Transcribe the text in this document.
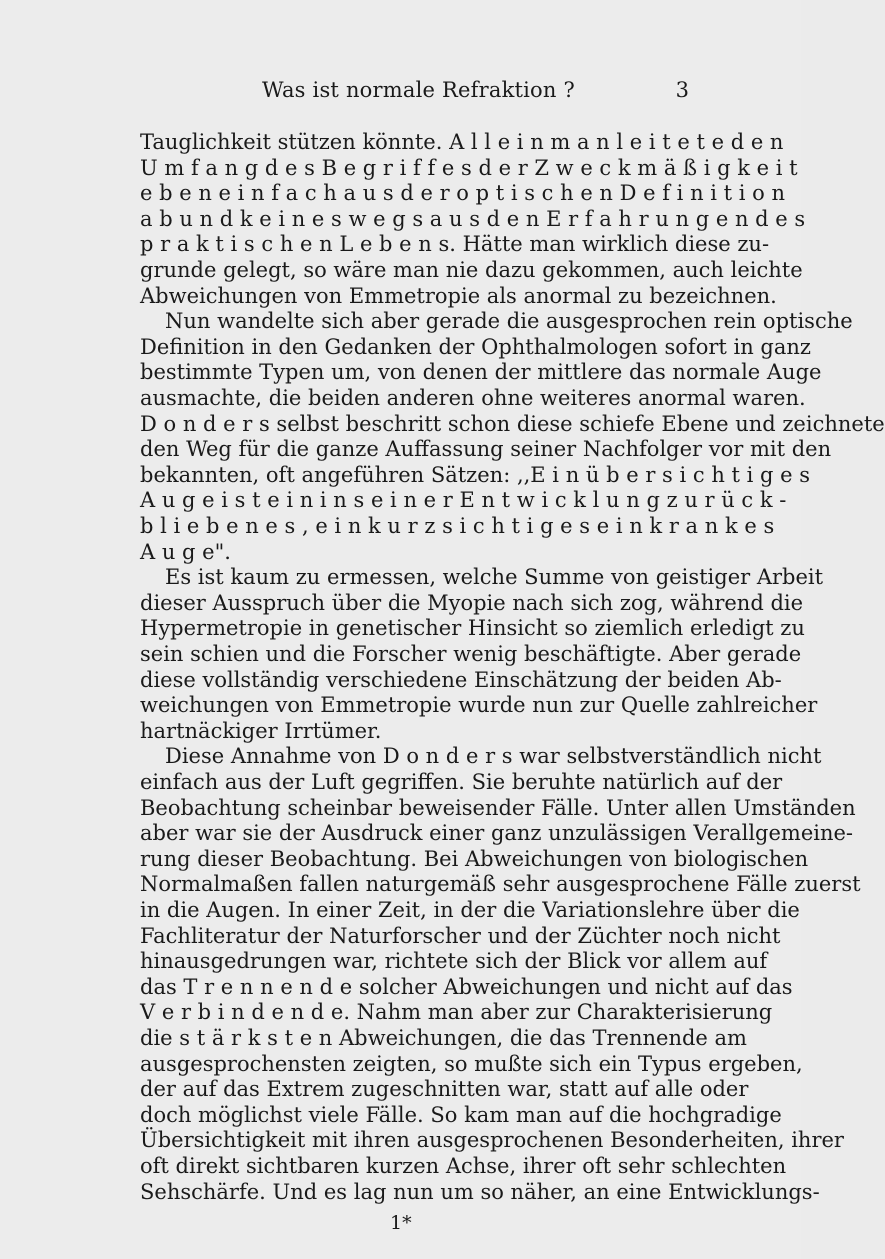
Was ist normale Refraktion ?	3
Tauglichkeit stützen könnte. A l l e i n m a n l e i t e t e d e n
U m f a n g d e s B e g r i f f e s d e r Z w e c k m ä ß i g k e i t
e b e n e i n f a c h a u s d e r o p t i s c h e n D e f i n i t i o n
a b u n d k e i n e s w e g s a u s d e n E r f a h r u n g e n d e s
p r a k t i s c h e n L e b e n s. Hätte man wirklich diese zu-
grunde gelegt, so wäre man nie dazu gekommen, auch leichte
Abweichungen von Emmetropie als anormal zu bezeichnen.
Nun wandelte sich aber gerade die ausgesprochen rein optische
Definition in den Gedanken der Ophthalmologen sofort in ganz
bestimmte Typen um, von denen der mittlere das normale Auge
ausmachte, die beiden anderen ohne weiteres anormal waren.
D o n d e r s selbst beschritt schon diese schiefe Ebene und zeichnete
den Weg für die ganze Auffassung seiner Nachfolger vor mit den
bekannten, oft angeführen Sätzen: ,,E i n ü b e r s i c h t i g e s
A u g e i s t e i n i n s e i n e r E n t w i c k l u n g z u r ü c k -
b l i e b e n e s , e i n k u r z s i c h t i g e s e i n k r a n k e s
A u g e".
Es ist kaum zu ermessen, welche Summe von geistiger Arbeit
dieser Ausspruch über die Myopie nach sich zog, während die
Hypermetropie in genetischer Hinsicht so ziemlich erledigt zu
sein schien und die Forscher wenig beschäftigte. Aber gerade
diese vollständig verschiedene Einschätzung der beiden Ab-
weichungen von Emmetropie wurde nun zur Quelle zahlreicher
hartnäckiger Irrtümer.
Diese Annahme von D o n d e r s war selbstverständlich nicht
einfach aus der Luft gegriffen. Sie beruhte natürlich auf der
Beobachtung scheinbar beweisender Fälle. Unter allen Umständen
aber war sie der Ausdruck einer ganz unzulässigen Verallgemeine-
rung dieser Beobachtung. Bei Abweichungen von biologischen
Normalmaßen fallen naturgemäß sehr ausgesprochene Fälle zuerst
in die Augen. In einer Zeit, in der die Variationslehre über die
Fachliteratur der Naturforscher und der Züchter noch nicht
hinausgedrungen war, richtete sich der Blick vor allem auf
das T r e n n e n d e solcher Abweichungen und nicht auf das
V e r b i n d e n d e. Nahm man aber zur Charakterisierung
die s t ä r k s t e n Abweichungen, die das Trennende am
ausgesprochensten zeigten, so mußte sich ein Typus ergeben,
der auf das Extrem zugeschnitten war, statt auf alle oder
doch möglichst viele Fälle. So kam man auf die hochgradige
Übersichtigkeit mit ihren ausgesprochenen Besonderheiten, ihrer
oft direkt sichtbaren kurzen Achse, ihrer oft sehr schlechten
Sehschärfe. Und es lag nun um so näher, an eine Entwicklungs-
1*
